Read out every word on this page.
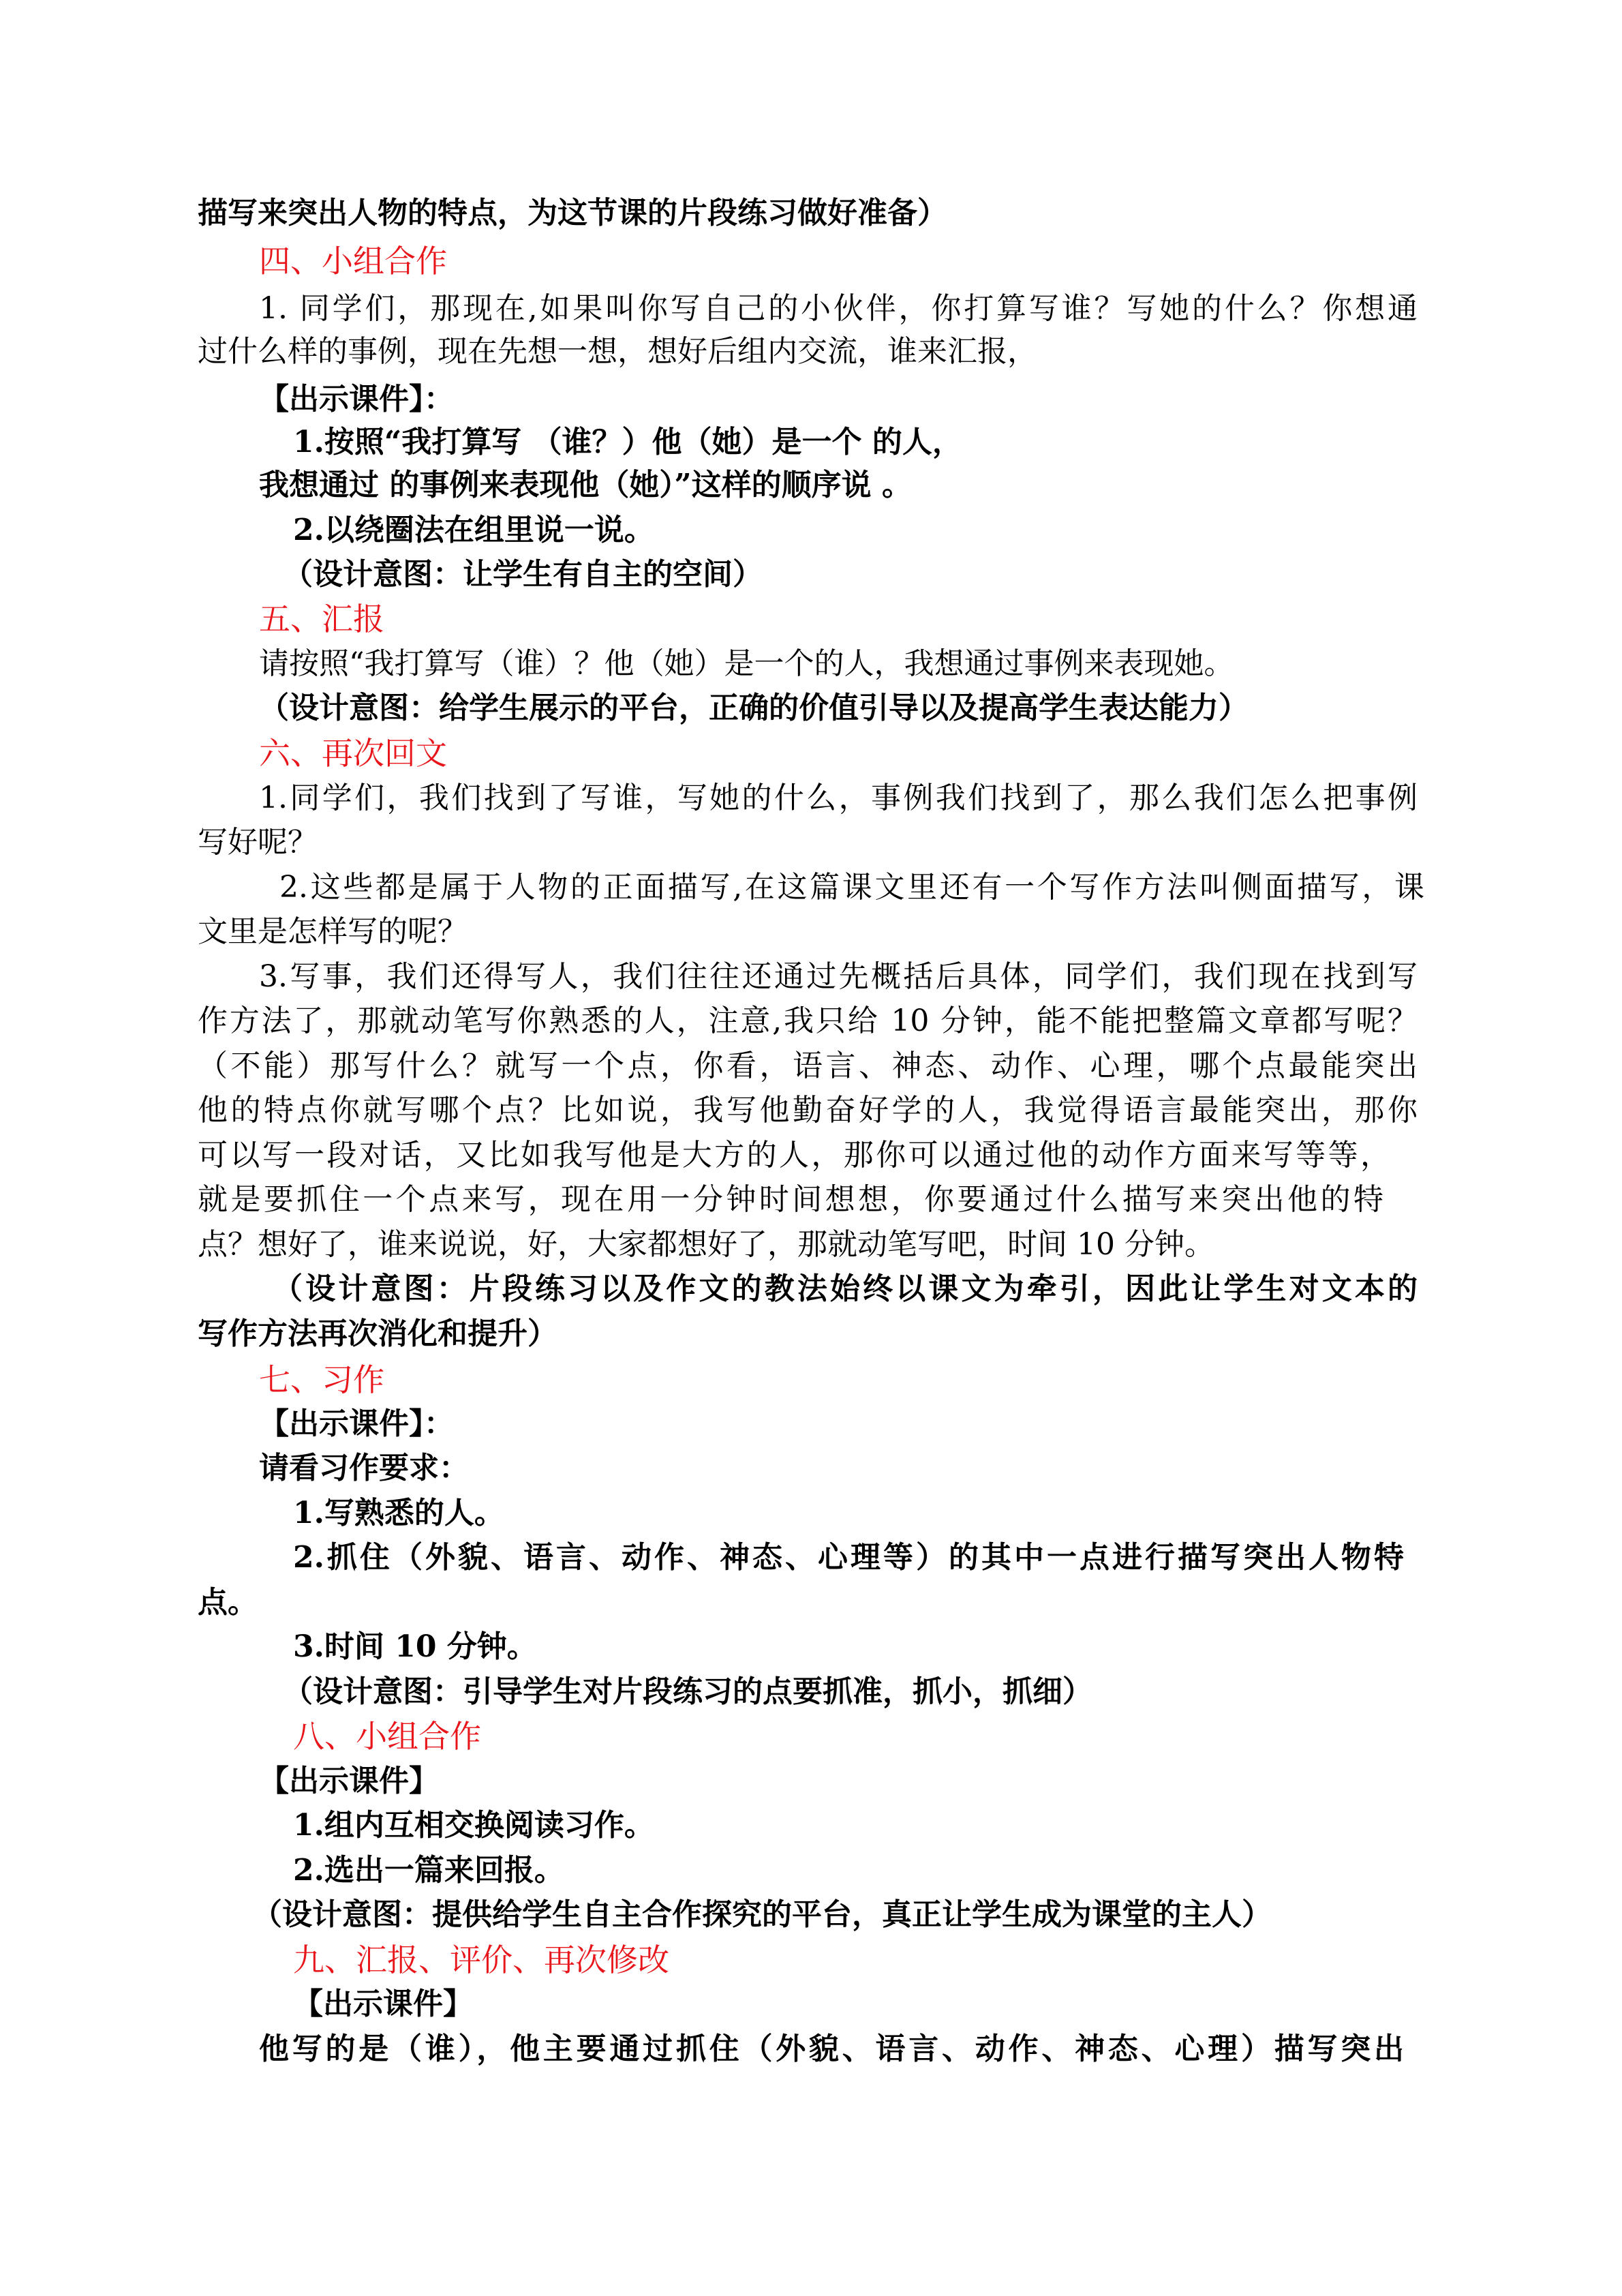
描写来突出人物的特点，为这节课的片段练习做好准备）
四、小组合作
1. 同学们，那现在,如果叫你写自己的小伙伴，你打算写谁？写她的什么？你想通
过什么样的事例，现在先想一想，想好后组内交流，谁来汇报，
【出示课件】：
1.按照“我打算写 （谁？）他（她）是一个 的人，
我想通过 的事例来表现他（她）”这样的顺序说 。
2.以绕圈法在组里说一说。
（设计意图：让学生有自主的空间）
五、汇报
请按照“我打算写（谁）？他（她）是一个的人，我想通过事例来表现她。
（设计意图：给学生展示的平台，正确的价值引导以及提高学生表达能力）
六、再次回文
1.同学们，我们找到了写谁，写她的什么，事例我们找到了，那么我们怎么把事例
写好呢？
2.这些都是属于人物的正面描写,在这篇课文里还有一个写作方法叫侧面描写，课
文里是怎样写的呢？
3.写事，我们还得写人，我们往往还通过先概括后具体，同学们，我们现在找到写
作方法了，那就动笔写你熟悉的人，注意,我只给 10 分钟，能不能把整篇文章都写呢？
（不能）那写什么？就写一个点，你看，语言、神态、动作、心理，哪个点最能突出
他的特点你就写哪个点？比如说，我写他勤奋好学的人，我觉得语言最能突出，那你
可以写一段对话，又比如我写他是大方的人，那你可以通过他的动作方面来写等等，
就是要抓住一个点来写，现在用一分钟时间想想，你要通过什么描写来突出他的特
点？想好了，谁来说说，好，大家都想好了，那就动笔写吧，时间 10 分钟。
（设计意图：片段练习以及作文的教法始终以课文为牵引，因此让学生对文本的
写作方法再次消化和提升）
七、习作
【出示课件】：
请看习作要求：
1.写熟悉的人。
2.抓住（外貌、语言、动作、神态、心理等）的其中一点进行描写突出人物特
点。
3.时间 10 分钟。
（设计意图：引导学生对片段练习的点要抓准，抓小，抓细）
八、小组合作
【出示课件】
1.组内互相交换阅读习作。
2.选出一篇来回报。
（设计意图：提供给学生自主合作探究的平台，真正让学生成为课堂的主人）
九、汇报、评价、再次修改
【出示课件】
他写的是（谁），他主要通过抓住（外貌、语言、动作、神态、心理）描写突出
